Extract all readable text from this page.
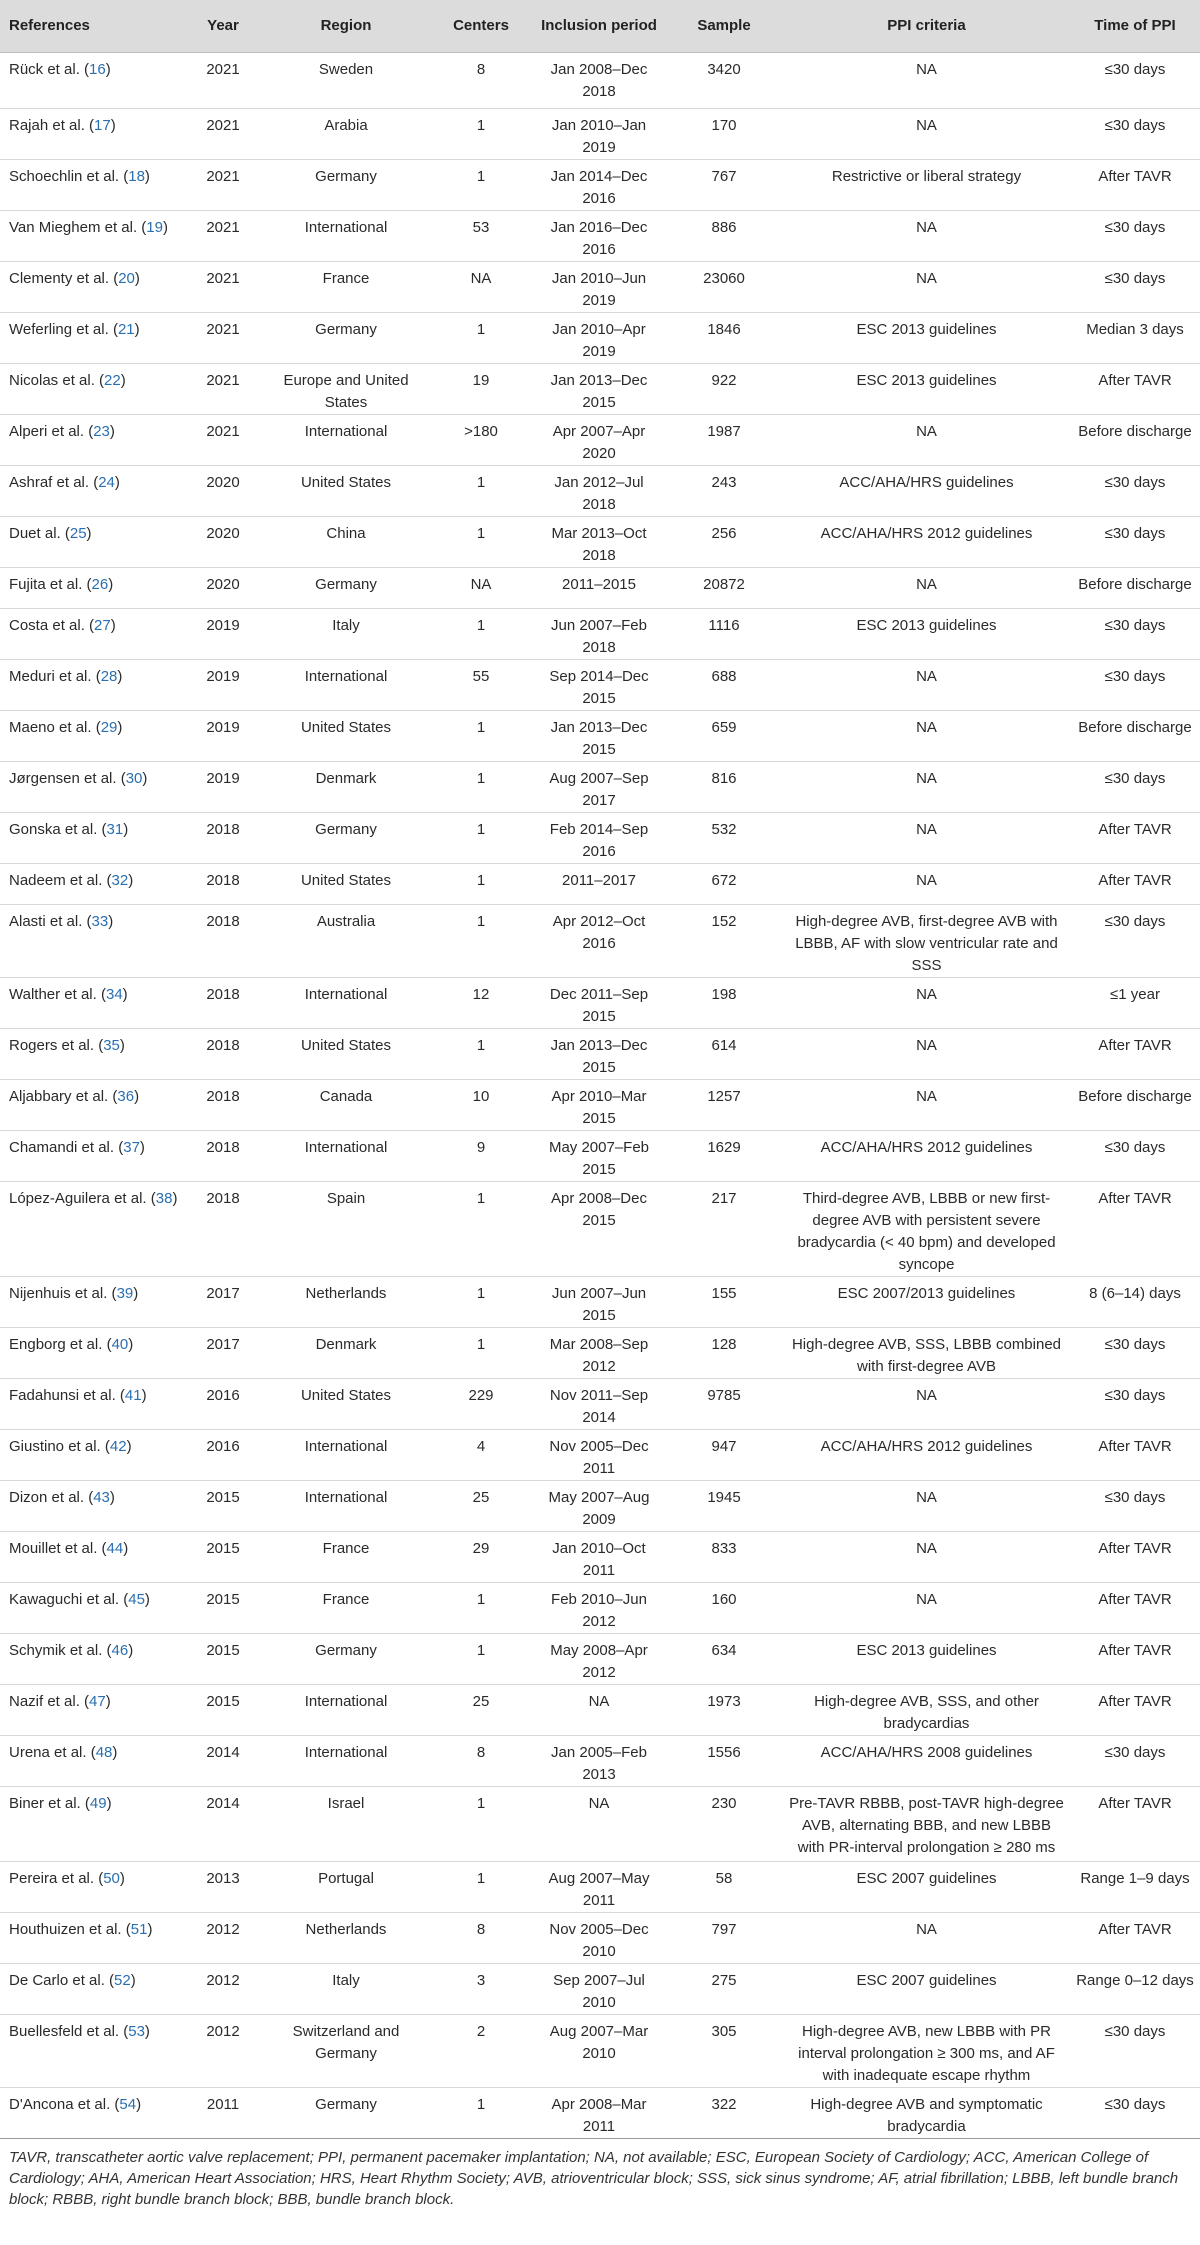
References	Year	Region	Centers	Inclusion period	Sample	PPI criteria	Time of PPI
Rück et al. (16)	2021	Sweden	8	Jan 2008–Dec 2018	3420	NA	≤30 days
Rajah et al. (17)	2021	Arabia	1	Jan 2010–Jan 2019	170	NA	≤30 days
Schoechlin et al. (18)	2021	Germany	1	Jan 2014–Dec 2016	767	Restrictive or liberal strategy	After TAVR
Van Mieghem et al. (19)	2021	International	53	Jan 2016–Dec 2016	886	NA	≤30 days
Clementy et al. (20)	2021	France	NA	Jan 2010–Jun 2019	23060	NA	≤30 days
Weferling et al. (21)	2021	Germany	1	Jan 2010–Apr 2019	1846	ESC 2013 guidelines	Median 3 days
Nicolas et al. (22)	2021	Europe and United States	19	Jan 2013–Dec 2015	922	ESC 2013 guidelines	After TAVR
Alperi et al. (23)	2021	International	>180	Apr 2007–Apr 2020	1987	NA	Before discharge
Ashraf et al. (24)	2020	United States	1	Jan 2012–Jul 2018	243	ACC/AHA/HRS guidelines	≤30 days
Duet al. (25)	2020	China	1	Mar 2013–Oct 2018	256	ACC/AHA/HRS 2012 guidelines	≤30 days
Fujita et al. (26)	2020	Germany	NA	2011–2015	20872	NA	Before discharge
Costa et al. (27)	2019	Italy	1	Jun 2007–Feb 2018	1116	ESC 2013 guidelines	≤30 days
Meduri et al. (28)	2019	International	55	Sep 2014–Dec 2015	688	NA	≤30 days
Maeno et al. (29)	2019	United States	1	Jan 2013–Dec 2015	659	NA	Before discharge
Jørgensen et al. (30)	2019	Denmark	1	Aug 2007–Sep 2017	816	NA	≤30 days
Gonska et al. (31)	2018	Germany	1	Feb 2014–Sep 2016	532	NA	After TAVR
Nadeem et al. (32)	2018	United States	1	2011–2017	672	NA	After TAVR
Alasti et al. (33)	2018	Australia	1	Apr 2012–Oct 2016	152	High-degree AVB, first-degree AVB with LBBB, AF with slow ventricular rate and SSS	≤30 days
Walther et al. (34)	2018	International	12	Dec 2011–Sep 2015	198	NA	≤1 year
Rogers et al. (35)	2018	United States	1	Jan 2013–Dec 2015	614	NA	After TAVR
Aljabbary et al. (36)	2018	Canada	10	Apr 2010–Mar 2015	1257	NA	Before discharge
Chamandi et al. (37)	2018	International	9	May 2007–Feb 2015	1629	ACC/AHA/HRS 2012 guidelines	≤30 days
López-Aguilera et al. (38)	2018	Spain	1	Apr 2008–Dec 2015	217	Third-degree AVB, LBBB or new first-degree AVB with persistent severe bradycardia (< 40 bpm) and developed syncope	After TAVR
Nijenhuis et al. (39)	2017	Netherlands	1	Jun 2007–Jun 2015	155	ESC 2007/2013 guidelines	8 (6–14) days
Engborg et al. (40)	2017	Denmark	1	Mar 2008–Sep 2012	128	High-degree AVB, SSS, LBBB combined with first-degree AVB	≤30 days
Fadahunsi et al. (41)	2016	United States	229	Nov 2011–Sep 2014	9785	NA	≤30 days
Giustino et al. (42)	2016	International	4	Nov 2005–Dec 2011	947	ACC/AHA/HRS 2012 guidelines	After TAVR
Dizon et al. (43)	2015	International	25	May 2007–Aug 2009	1945	NA	≤30 days
Mouillet et al. (44)	2015	France	29	Jan 2010–Oct 2011	833	NA	After TAVR
Kawaguchi et al. (45)	2015	France	1	Feb 2010–Jun 2012	160	NA	After TAVR
Schymik et al. (46)	2015	Germany	1	May 2008–Apr 2012	634	ESC 2013 guidelines	After TAVR
Nazif et al. (47)	2015	International	25	NA	1973	High-degree AVB, SSS, and other bradycardias	After TAVR
Urena et al. (48)	2014	International	8	Jan 2005–Feb 2013	1556	ACC/AHA/HRS 2008 guidelines	≤30 days
Biner et al. (49)	2014	Israel	1	NA	230	Pre-TAVR RBBB, post-TAVR high-degree AVB, alternating BBB, and new LBBB with PR-interval prolongation ≥ 280 ms	After TAVR
Pereira et al. (50)	2013	Portugal	1	Aug 2007–May 2011	58	ESC 2007 guidelines	Range 1–9 days
Houthuizen et al. (51)	2012	Netherlands	8	Nov 2005–Dec 2010	797	NA	After TAVR
De Carlo et al. (52)	2012	Italy	3	Sep 2007–Jul 2010	275	ESC 2007 guidelines	Range 0–12 days
Buellesfeld et al. (53)	2012	Switzerland and Germany	2	Aug 2007–Mar 2010	305	High-degree AVB, new LBBB with PR interval prolongation ≥ 300 ms, and AF with inadequate escape rhythm	≤30 days
D'Ancona et al. (54)	2011	Germany	1	Apr 2008–Mar 2011	322	High-degree AVB and symptomatic bradycardia	≤30 days

TAVR, transcatheter aortic valve replacement; PPI, permanent pacemaker implantation; NA, not available; ESC, European Society of Cardiology; ACC, American College of Cardiology; AHA, American Heart Association; HRS, Heart Rhythm Society; AVB, atrioventricular block; SSS, sick sinus syndrome; AF, atrial fibrillation; LBBB, left bundle branch block; RBBB, right bundle branch block; BBB, bundle branch block.
